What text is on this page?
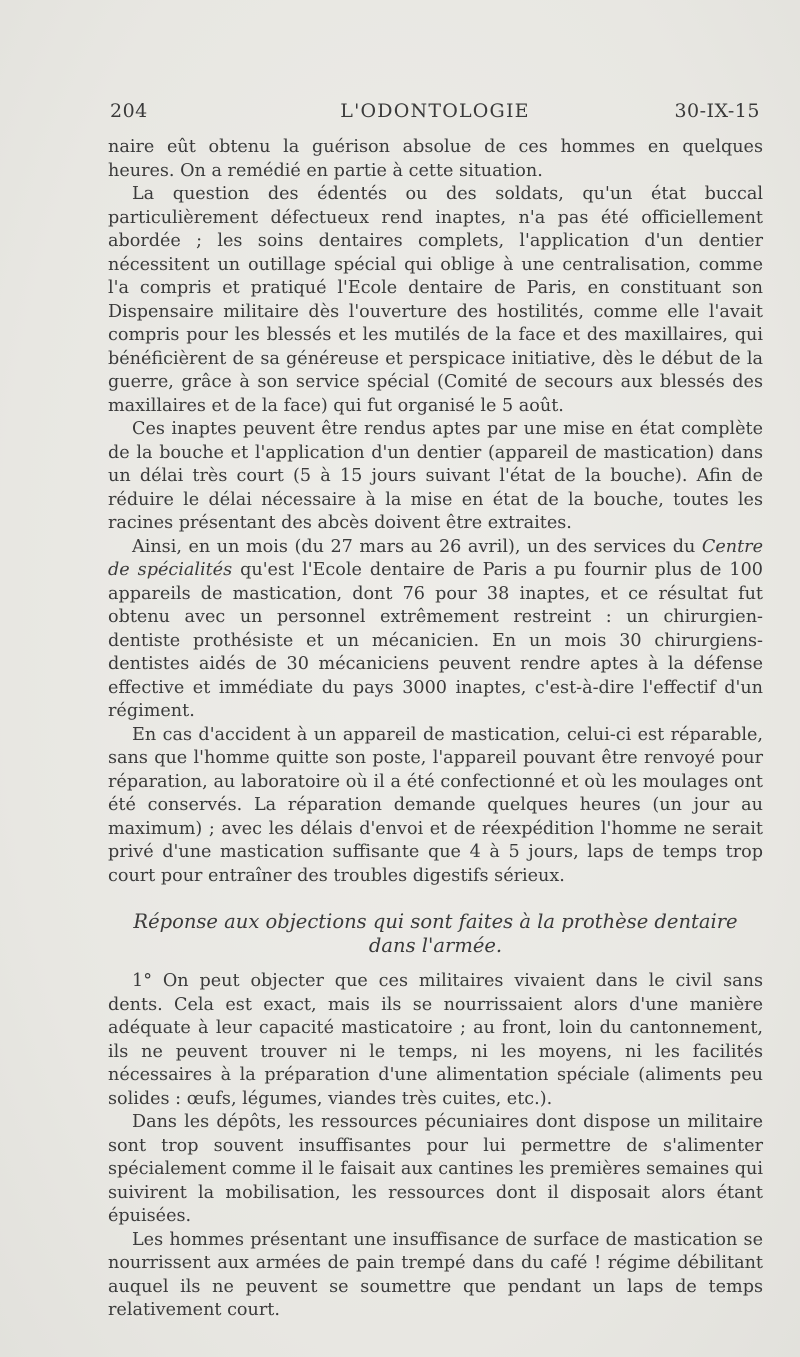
204	L'ODONTOLOGIE	30-IX-15

naire eût obtenu la guérison absolue de ces hommes en quelques heures. On a remédié en partie à cette situation.

La question des édentés ou des soldats, qu'un état buccal particulièrement défectueux rend inaptes, n'a pas été officiellement abordée ; les soins dentaires complets, l'application d'un dentier nécessitent un outillage spécial qui oblige à une centralisation, comme l'a compris et pratiqué l'Ecole dentaire de Paris, en constituant son Dispensaire militaire dès l'ouverture des hostilités, comme elle l'avait compris pour les blessés et les mutilés de la face et des maxillaires, qui bénéficièrent de sa généreuse et perspicace initiative, dès le début de la guerre, grâce à son service spécial (Comité de secours aux blessés des maxillaires et de la face) qui fut organisé le 5 août.

Ces inaptes peuvent être rendus aptes par une mise en état complète de la bouche et l'application d'un dentier (appareil de mastication) dans un délai très court (5 à 15 jours suivant l'état de la bouche). Afin de réduire le délai nécessaire à la mise en état de la bouche, toutes les racines présentant des abcès doivent être extraites.

Ainsi, en un mois (du 27 mars au 26 avril), un des services du Centre de spécialités qu'est l'Ecole dentaire de Paris a pu fournir plus de 100 appareils de mastication, dont 76 pour 38 inaptes, et ce résultat fut obtenu avec un personnel extrêmement restreint : un chirurgien-dentiste prothésiste et un mécanicien. En un mois 30 chirurgiens-dentistes aidés de 30 mécaniciens peuvent rendre aptes à la défense effective et immédiate du pays 3000 inaptes, c'est-à-dire l'effectif d'un régiment.

En cas d'accident à un appareil de mastication, celui-ci est réparable, sans que l'homme quitte son poste, l'appareil pouvant être renvoyé pour réparation, au laboratoire où il a été confectionné et où les moulages ont été conservés. La réparation demande quelques heures (un jour au maximum) ; avec les délais d'envoi et de réexpédition l'homme ne serait privé d'une mastication suffisante que 4 à 5 jours, laps de temps trop court pour entraîner des troubles digestifs sérieux.

Réponse aux objections qui sont faites à la prothèse dentaire
dans l'armée.

1° On peut objecter que ces militaires vivaient dans le civil sans dents. Cela est exact, mais ils se nourrissaient alors d'une manière adéquate à leur capacité masticatoire ; au front, loin du cantonnement, ils ne peuvent trouver ni le temps, ni les moyens, ni les facilités nécessaires à la préparation d'une alimentation spéciale (aliments peu solides : œufs, légumes, viandes très cuites, etc.).

Dans les dépôts, les ressources pécuniaires dont dispose un militaire sont trop souvent insuffisantes pour lui permettre de s'alimenter spécialement comme il le faisait aux cantines les premières semaines qui suivirent la mobilisation, les ressources dont il disposait alors étant épuisées.

Les hommes présentant une insuffisance de surface de mastication se nourrissent aux armées de pain trempé dans du café ! régime débilitant auquel ils ne peuvent se soumettre que pendant un laps de temps relativement court.
